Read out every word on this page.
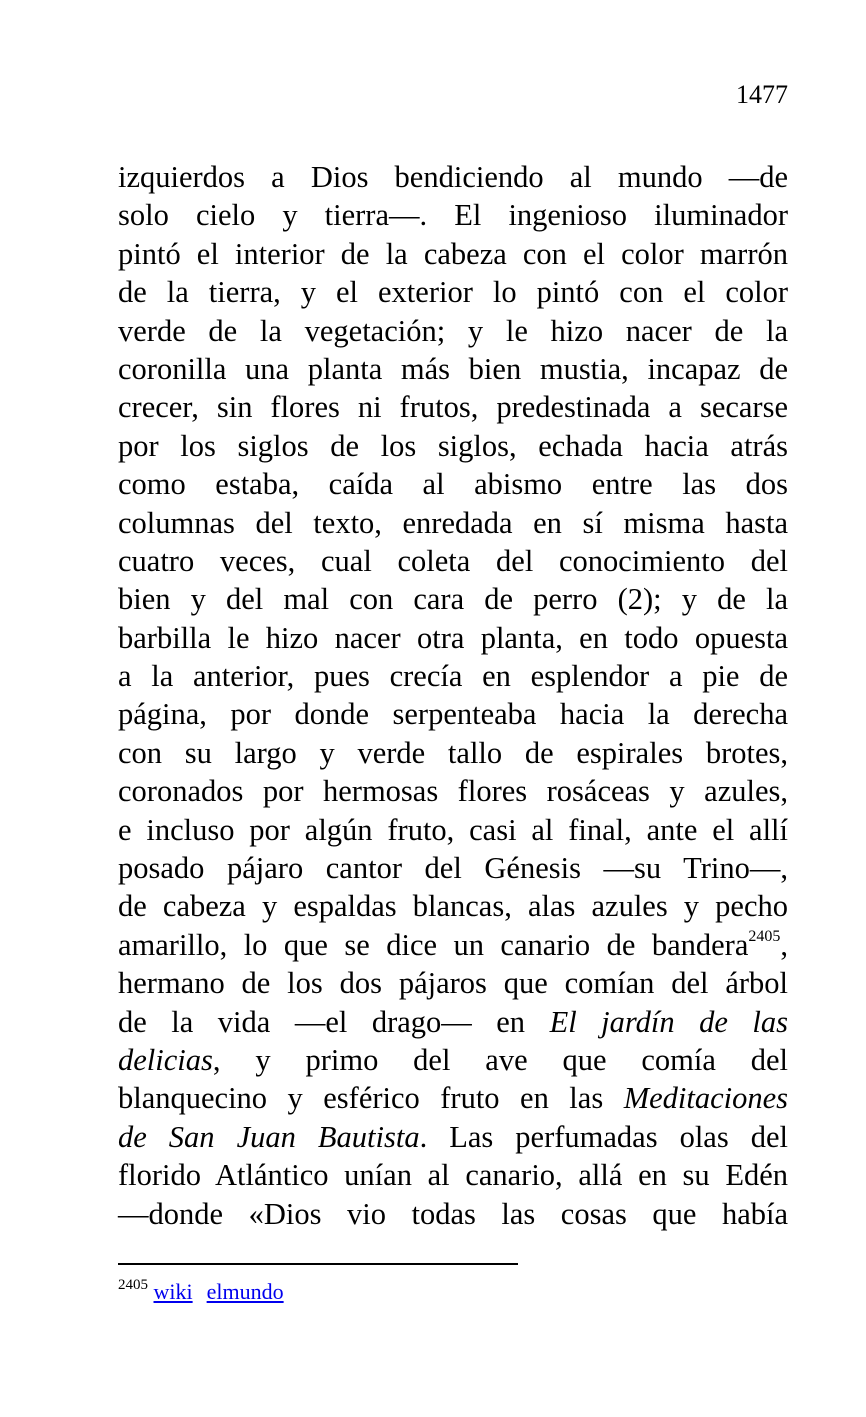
1477
izquierdos a Dios bendiciendo al mundo —de
solo cielo y tierra—. El ingenioso iluminador
pintó el interior de la cabeza con el color marrón
de la tierra, y el exterior lo pintó con el color
verde de la vegetación; y le hizo nacer de la
coronilla una planta más bien mustia, incapaz de
crecer, sin flores ni frutos, predestinada a secarse
por los siglos de los siglos, echada hacia atrás
como estaba, caída al abismo entre las dos
columnas del texto, enredada en sí misma hasta
cuatro veces, cual coleta del conocimiento del
bien y del mal con cara de perro (2); y de la
barbilla le hizo nacer otra planta, en todo opuesta
a la anterior, pues crecía en esplendor a pie de
página, por donde serpenteaba hacia la derecha
con su largo y verde tallo de espirales brotes,
coronados por hermosas flores rosáceas y azules,
e incluso por algún fruto, casi al final, ante el allí
posado pájaro cantor del Génesis —su Trino—,
de cabeza y espaldas blancas, alas azules y pecho
amarillo, lo que se dice un canario de bandera$^{2405}$,
hermano de los dos pájaros que comían del árbol
de la vida —el drago— en El jardín de las
delicias, y primo del ave que comía del
blanquecino y esférico fruto en las Meditaciones
de San Juan Bautista. Las perfumadas olas del
florido Atlántico unían al canario, allá en su Edén
—donde «Dios vio todas las cosas que había
$^{2405}$ wiki elmundo
